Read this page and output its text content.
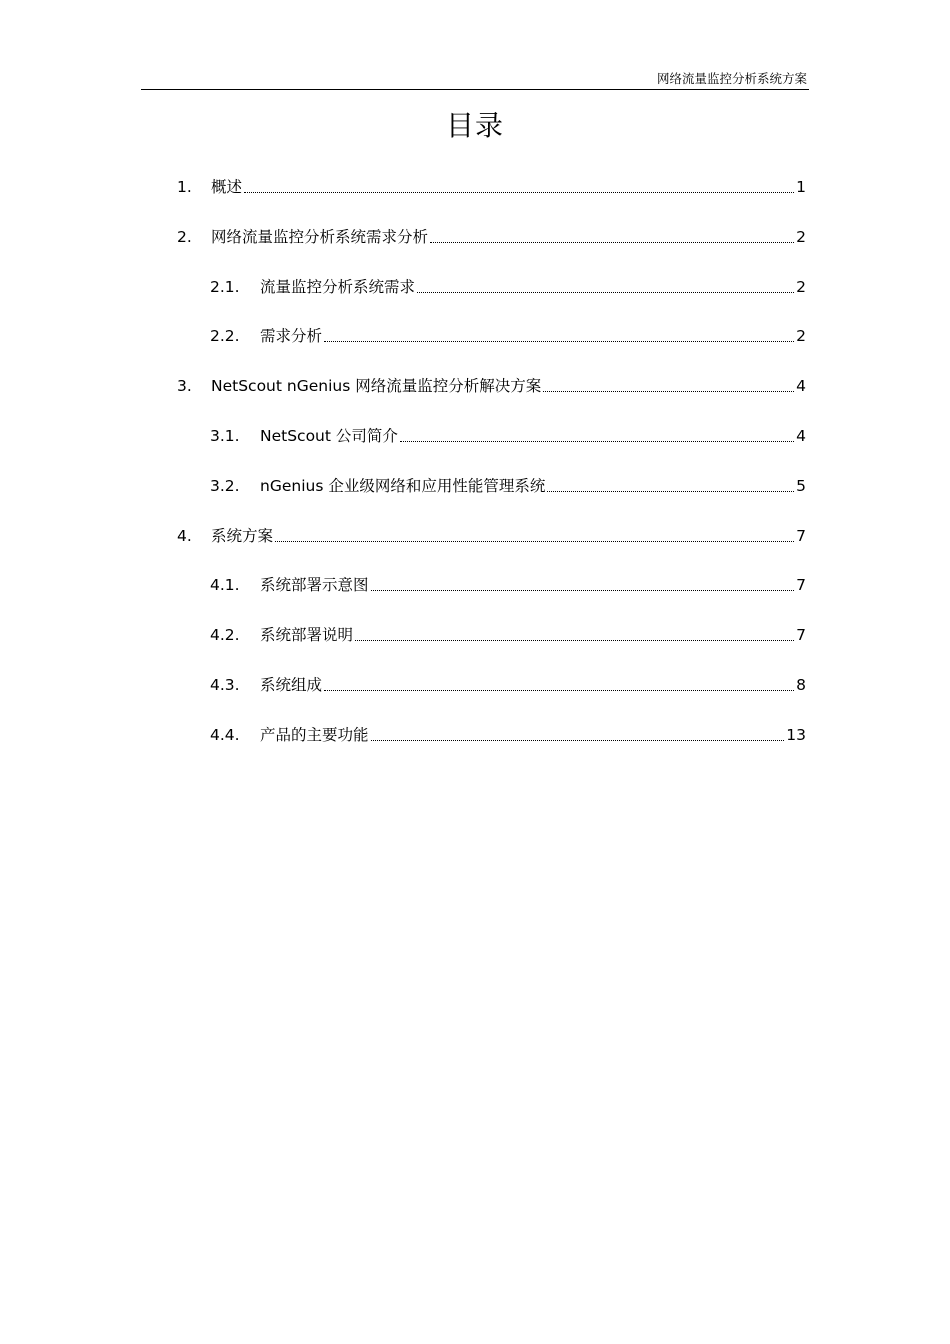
网络流量监控分析系统方案
目录
1.	概述	1
2.	网络流量监控分析系统需求分析	2
2.1.	流量监控分析系统需求	2
2.2.	需求分析	2
3.	NetScout nGenius 网络流量监控分析解决方案	4
3.1.	NetScout 公司简介	4
3.2.	nGenius 企业级网络和应用性能管理系统	5
4.	系统方案	7
4.1.	系统部署示意图	7
4.2.	系统部署说明	7
4.3.	系统组成	8
4.4.	产品的主要功能	13
